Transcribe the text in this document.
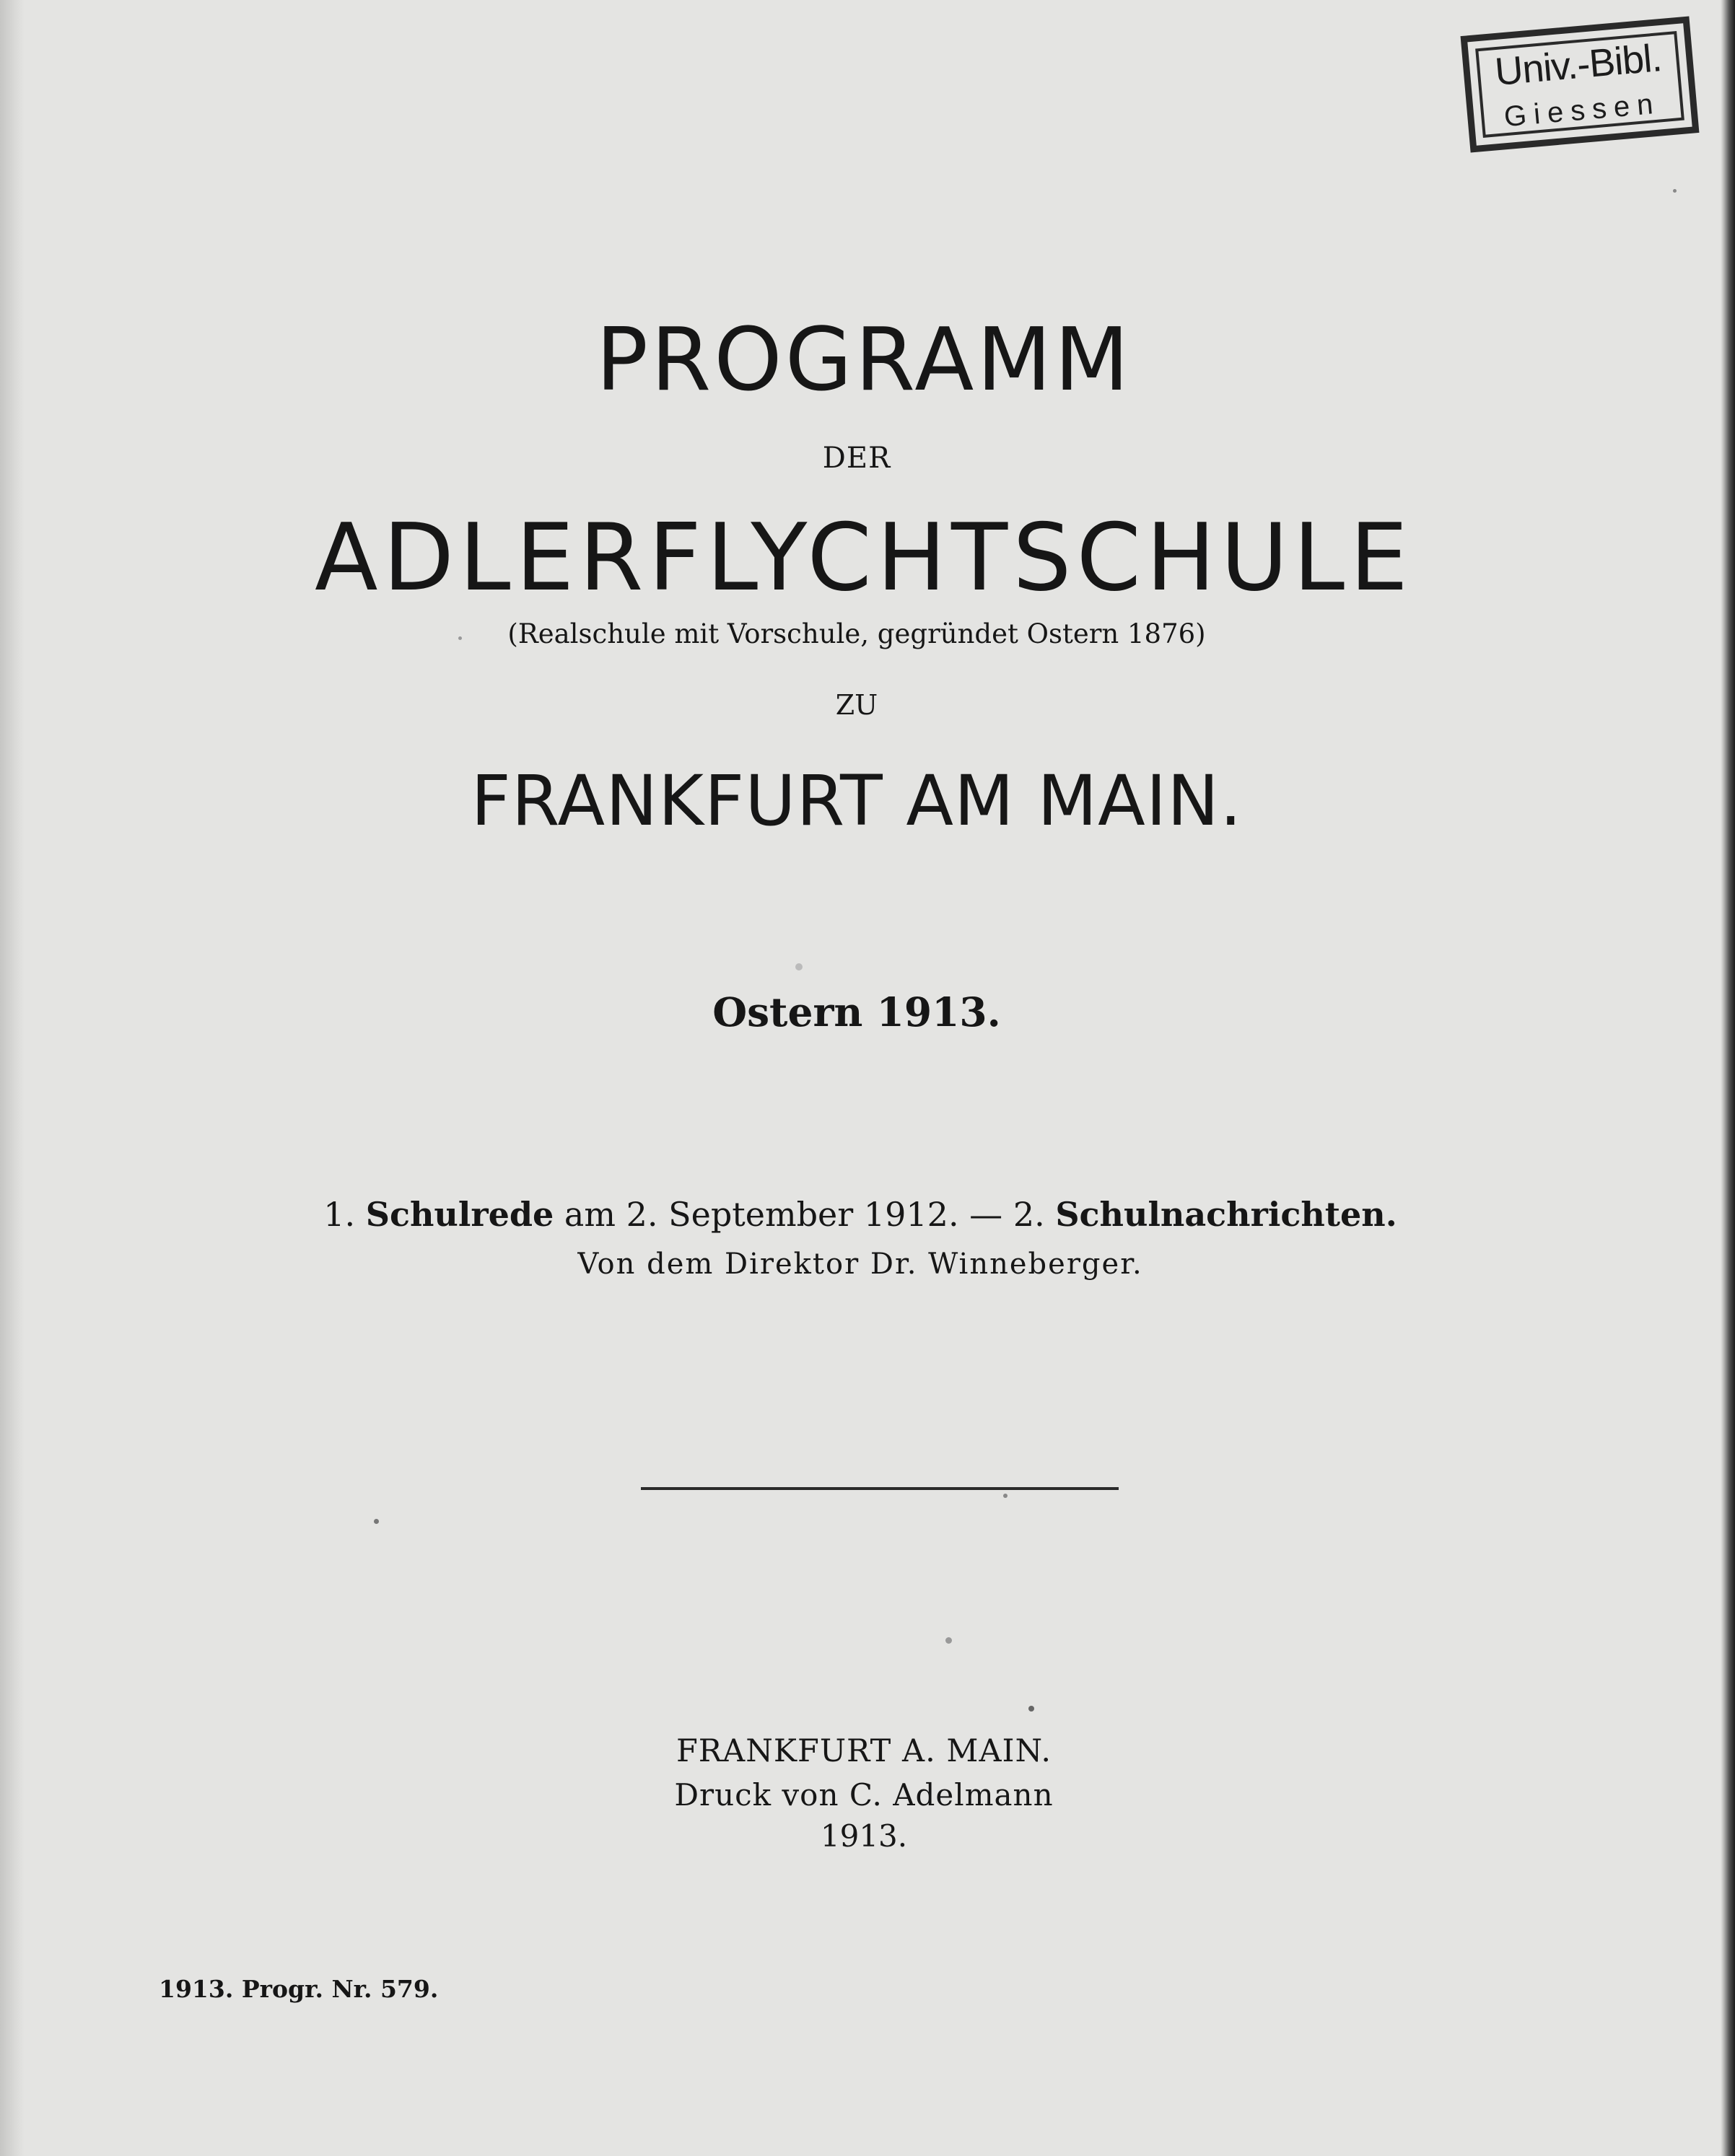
Univ.-Bibl.
Giessen
PROGRAMM
DER
ADLERFLYCHTSCHULE
(Realschule mit Vorschule, gegründet Ostern 1876)
ZU
FRANKFURT AM MAIN.
Ostern 1913.
1. Schulrede am 2. September 1912. — 2. Schulnachrichten.
Von dem Direktor Dr. Winneberger.
FRANKFURT A. MAIN.
Druck von C. Adelmann
1913.
1913. Progr. Nr. 579.
